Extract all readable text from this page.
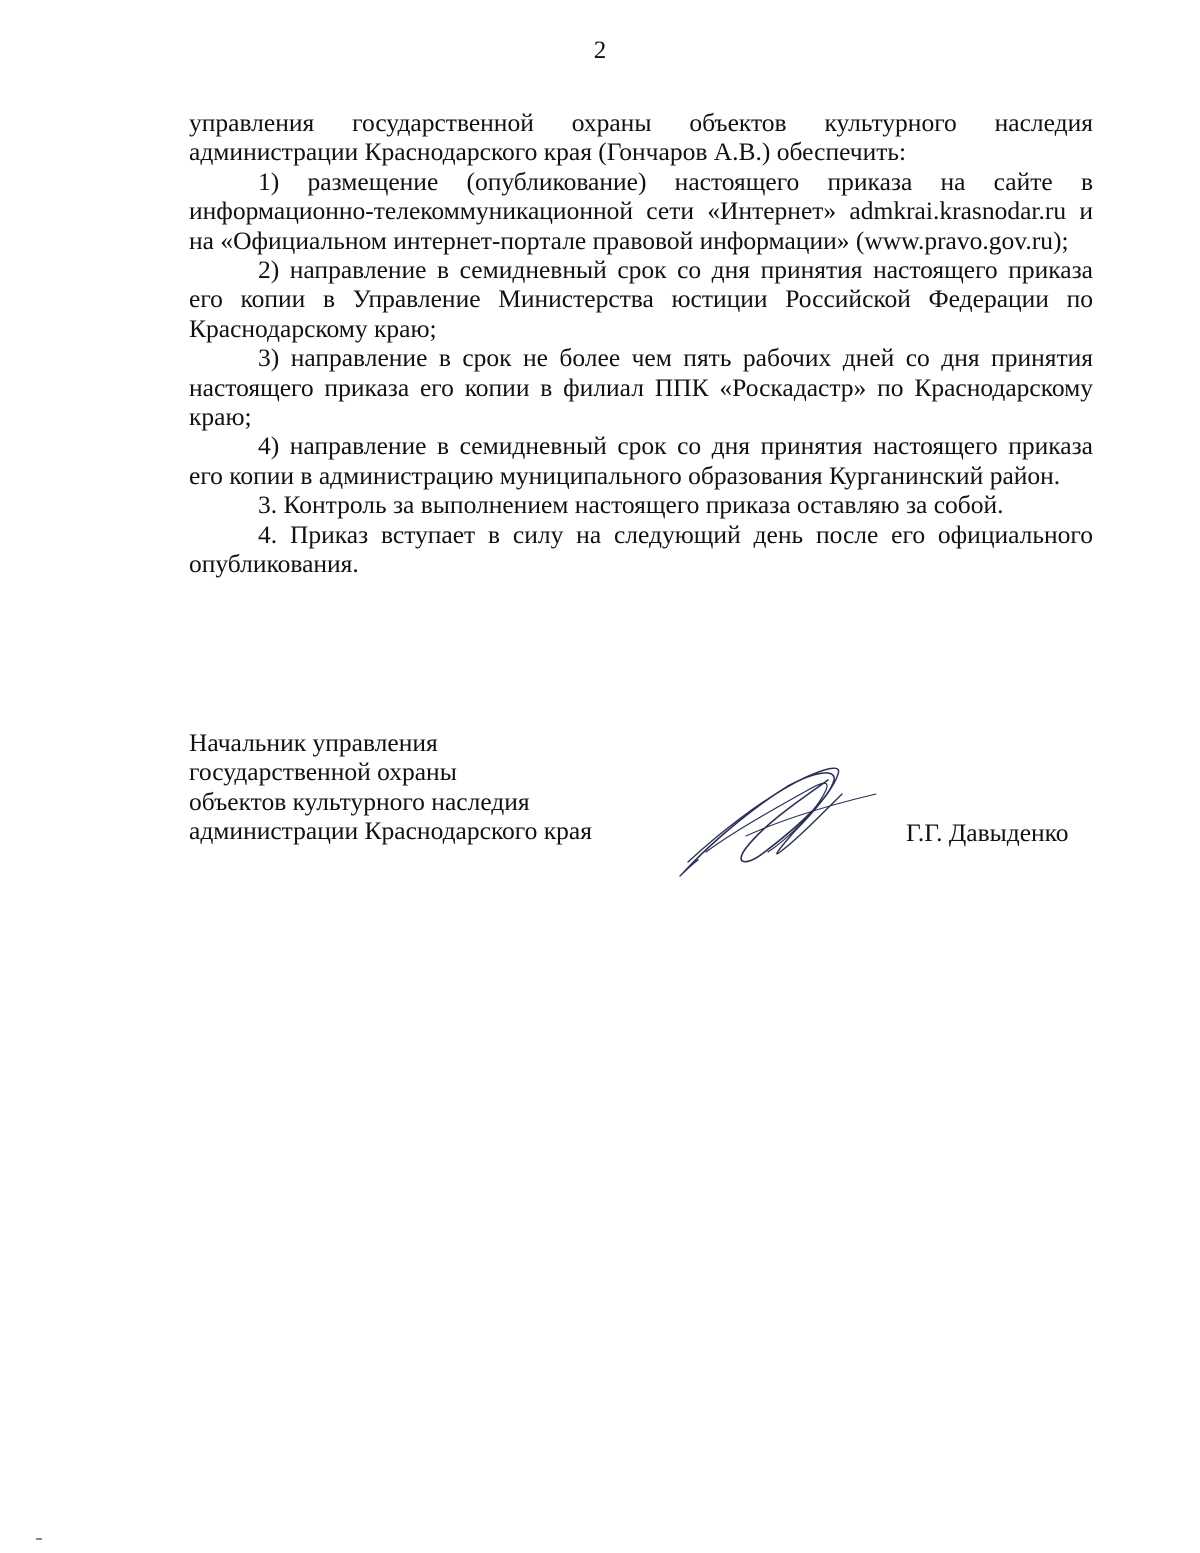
2

управления государственной охраны объектов культурного наследия администрации Краснодарского края (Гончаров А.В.) обеспечить:

1) размещение (опубликование) настоящего приказа на сайте в информационно-телекоммуникационной сети «Интернет» admkrai.krasnodar.ru и на «Официальном интернет-портале правовой информации» (www.pravo.gov.ru);

2) направление в семидневный срок со дня принятия настоящего приказа его копии в Управление Министерства юстиции Российской Федерации по Краснодарскому краю;

3) направление в срок не более чем пять рабочих дней со дня принятия настоящего приказа его копии в филиал ППК «Роскадастр» по Краснодарскому краю;

4) направление в семидневный срок со дня принятия настоящего приказа его копии в администрацию муниципального образования Курганинский район.

3. Контроль за выполнением настоящего приказа оставляю за собой.

4. Приказ вступает в силу на следующий день после его официального опубликования.

Начальник управления
государственной охраны
объектов культурного наследия
администрации Краснодарского края	Г.Г. Давыденко
